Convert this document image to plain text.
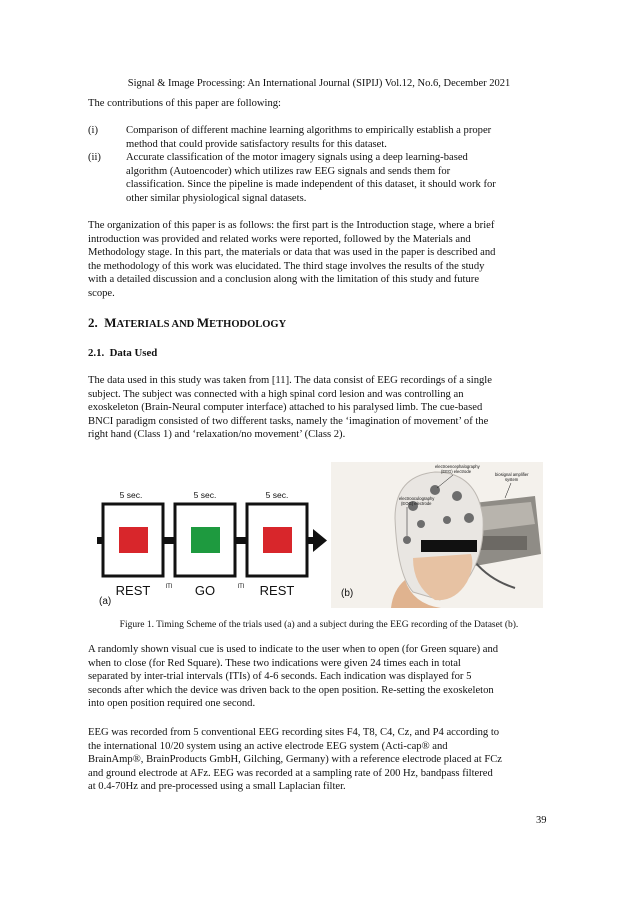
Signal & Image Processing: An International Journal (SIPIJ) Vol.12, No.6, December 2021
The contributions of this paper are following:
(i)	Comparison of different machine learning algorithms to empirically establish a proper
method that could provide satisfactory results for this dataset.
(ii)	Accurate classification of the motor imagery signals using a deep learning-based
algorithm (Autoencoder) which utilizes raw EEG signals and sends them for
classification. Since the pipeline is made independent of this dataset, it should work for
other similar physiological signal datasets.
The organization of this paper is as follows: the first part is the Introduction stage, where a brief
introduction was provided and related works were reported, followed by the Materials and
Methodology stage. In this part, the materials or data that was used in the paper is described and
the methodology of this work was elucidated. The third stage involves the results of the study
with a detailed discussion and a conclusion along with the limitation of this study and future
scope.
2. MATERIALS AND METHODOLOGY
2.1.  Data Used
The data used in this study was taken from [11]. The data consist of EEG recordings of a single
subject. The subject was connected with a high spinal cord lesion and was controlling an
exoskeleton (Brain-Neural computer interface) attached to his paralysed limb. The cue-based
BNCI paradigm consisted of two different tasks, namely the ‘imagination of movement’ of the
right hand (Class 1) and ‘relaxation/no movement’ (Class 2).
5 sec.	5 sec.	5 sec.
REST	GO	REST
ITI	ITI
(a)
electroencephalography
(EEG) electrode
electrooculography
(EOG) electrode
biosignal amplifier
system
(b)
Figure 1. Timing Scheme of the trials used (a) and a subject during the EEG recording of the Dataset (b).
A randomly shown visual cue is used to indicate to the user when to open (for Green square) and
when to close (for Red Square). These two indications were given 24 times each in total
separated by inter-trial intervals (ITIs) of 4-6 seconds. Each indication was displayed for 5
seconds after which the device was driven back to the open position. Re-setting the exoskeleton
into open position required one second.
EEG was recorded from 5 conventional EEG recording sites F4, T8, C4, Cz, and P4 according to
the international 10/20 system using an active electrode EEG system (Acti-cap® and
BrainAmp®, BrainProducts GmbH, Gilching, Germany) with a reference electrode placed at FCz
and ground electrode at AFz. EEG was recorded at a sampling rate of 200 Hz, bandpass filtered
at 0.4-70Hz and pre-processed using a small Laplacian filter.
39
